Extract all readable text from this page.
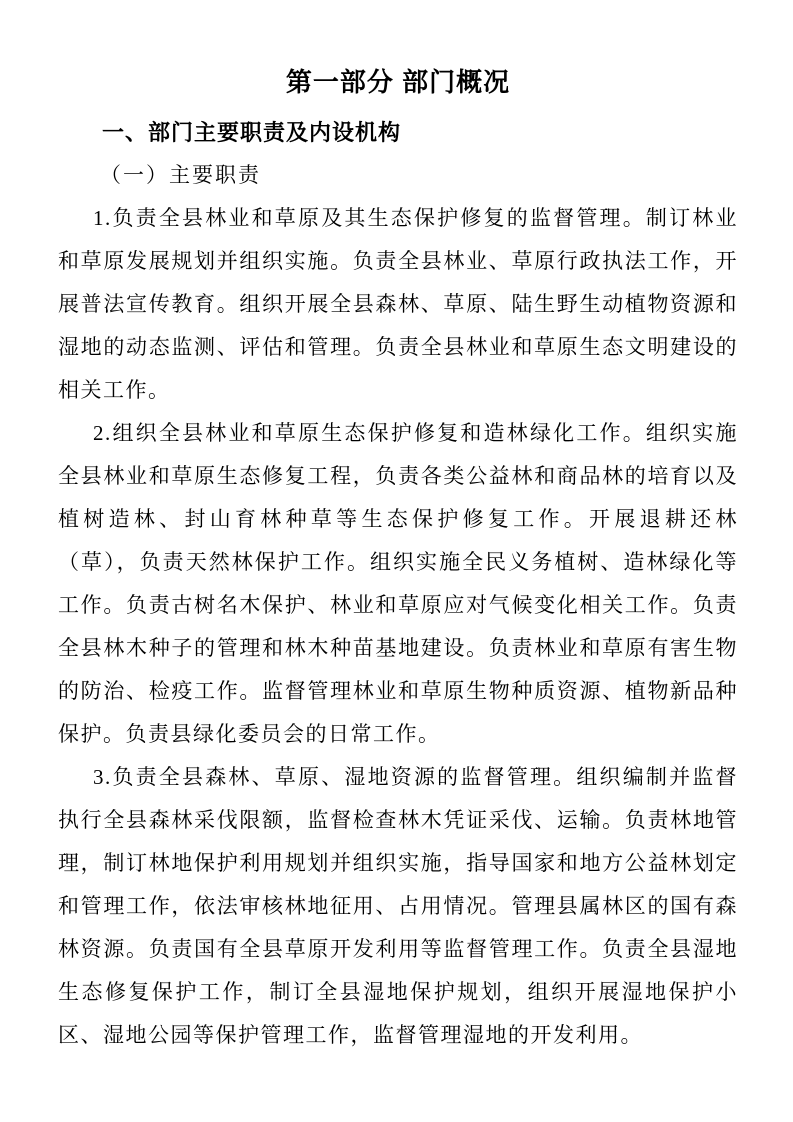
第一部分 部门概况
一、部门主要职责及内设机构
（一）主要职责

1.负责全县林业和草原及其生态保护修复的监督管理。制订林业和草原发展规划并组织实施。负责全县林业、草原行政执法工作，开展普法宣传教育。组织开展全县森林、草原、陆生野生动植物资源和湿地的动态监测、评估和管理。负责全县林业和草原生态文明建设的相关工作。

2.组织全县林业和草原生态保护修复和造林绿化工作。组织实施全县林业和草原生态修复工程，负责各类公益林和商品林的培育以及植树造林、封山育林种草等生态保护修复工作。开展退耕还林（草），负责天然林保护工作。组织实施全民义务植树、造林绿化等工作。负责古树名木保护、林业和草原应对气候变化相关工作。负责全县林木种子的管理和林木种苗基地建设。负责林业和草原有害生物的防治、检疫工作。监督管理林业和草原生物种质资源、植物新品种保护。负责县绿化委员会的日常工作。

3.负责全县森林、草原、湿地资源的监督管理。组织编制并监督执行全县森林采伐限额，监督检查林木凭证采伐、运输。负责林地管理，制订林地保护利用规划并组织实施，指导国家和地方公益林划定和管理工作，依法审核林地征用、占用情况。管理县属林区的国有森林资源。负责国有全县草原开发利用等监督管理工作。负责全县湿地生态修复保护工作，制订全县湿地保护规划，组织开展湿地保护小区、湿地公园等保护管理工作，监督管理湿地的开发利用。
